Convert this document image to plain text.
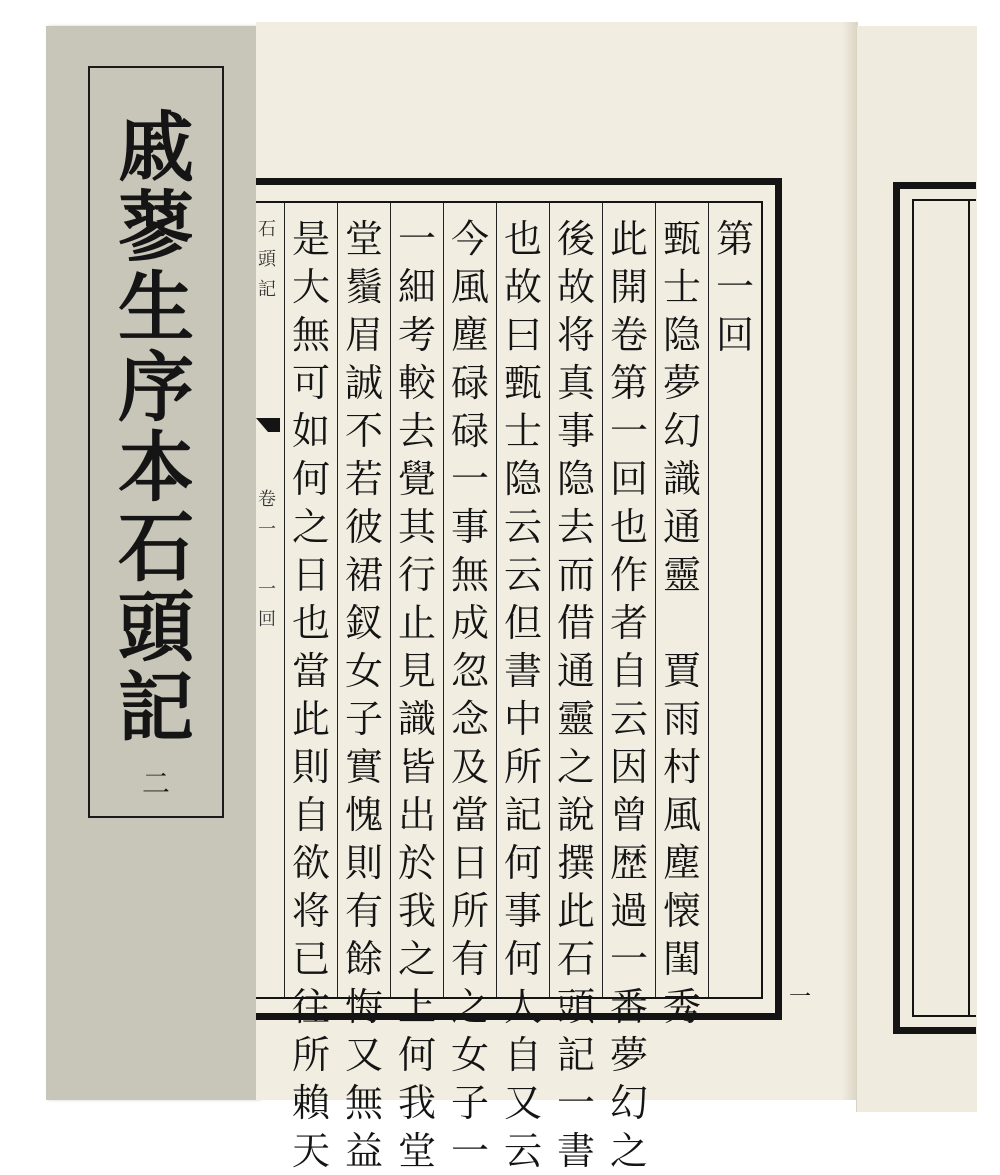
戚
蓼
生
序
本
石
頭
記
二
第
一
回
甄
士
隐
夢
幻
識
通
靈

賈
雨
村
風
塵
懐
閨
秀
此
開
卷
第
一
回
也
作
者
自
云
因
曾
歴
過
一
番
夢
幻
之
後
故
将
真
事
隐
去
而
借
通
靈
之
說
撰
此
石
頭
記
一
書
也
故
曰
甄
士
隐
云
云
但
書
中
所
記
何
事
何
人
自
又
云
今
風
塵
碌
碌
一
事
無
成
忽
念
及
當
日
所
有
之
女
子
一
一
細
考
較
去
覺
其
行
止
見
識
皆
出
於
我
之
上
何
我
堂
堂
鬚
眉
誠
不
若
彼
裙
釵
女
子
實
愧
則
有
餘
悔
又
無
益
是
大
無
可
如
何
之
日
也
當
此
則
自
欲
将
已
往
所
賴
天
石
頭
記

卷
一

一
回
一
